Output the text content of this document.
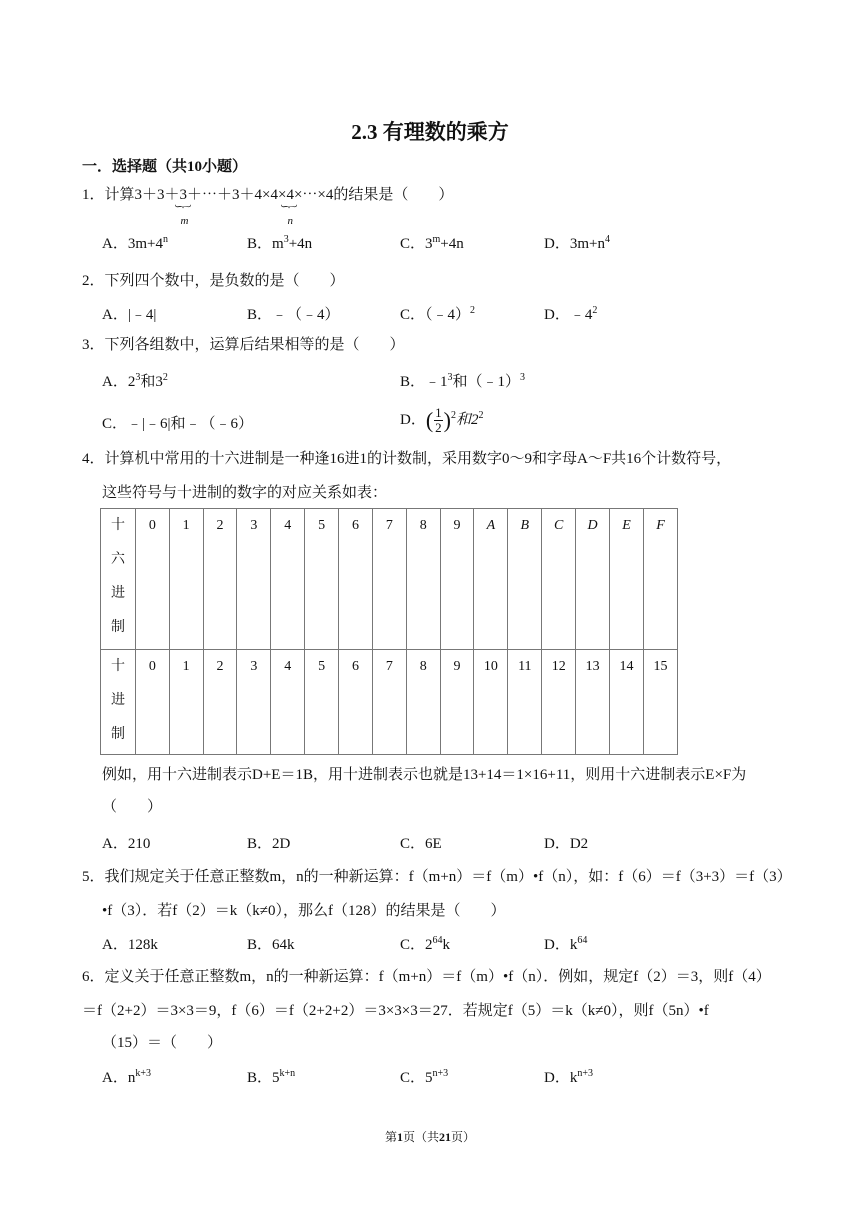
2.3 有理数的乘方
一．选择题（共10小题）
1．计算3＋3＋3
︸
m
＋⋯＋3＋4×4×4
︸
n
×⋯×4的结果是（　　）
A．$3m+4^n$	B．$m^3+4n$	C．$3^m+4n$	D．$3m+n^4$
2．下列四个数中，是负数的是（　　）
A．|﹣4|	B．﹣（﹣4）	C．（﹣4）$^2$	D．$﹣4^2$
3．下列各组数中，运算后结果相等的是（　　）
A．$2^3$和$3^2$	B．$﹣1^3$和（﹣1）$^3$
C．﹣|﹣6|和﹣（﹣6）	D．( $\frac{1}{2} )^2$和$2^2$
4．计算机中常用的十六进制是一种逢16进1的计数制，采用数字0～9和字母A～F共16个计数符号，
这些符号与十进制的数字的对应关系如表：
十六进制	0	1	2	3	4	5	6	7	8	9	A	B	C	D	E	F
十进制	0	1	2	3	4	5	6	7	8	9	10	11	12	13	14	15
例如，用十六进制表示D+E＝1B，用十进制表示也就是13+14＝1×16+11，则用十六进制表示E×F为
（　　）
A．210	B．2D	C．6E	D．D2
5．我们规定关于任意正整数m，n的一种新运算：f（m+n）＝f（m）•f（n），如：f（6）＝f（3+3）＝f（3）
•f（3）．若f（2）＝k（k≠0），那么f（128）的结果是（　　）
A．128k	B．64k	C．$2^{64}k$	D．$k^{64}$
6．定义关于任意正整数m，n的一种新运算：f（m+n）＝f（m）•f（n）．例如，规定f（2）＝3，则f（4）
＝f（2+2）＝3×3＝9，f（6）＝f（2+2+2）＝3×3×3＝27．若规定f（5）＝k（k≠0），则f（5n）•f
（15）＝（　　）
A．$n^{k+3}$	B．$5^{k+n}$	C．$5^{n+3}$	D．$k^{n+3}$
第1页（共21页）
